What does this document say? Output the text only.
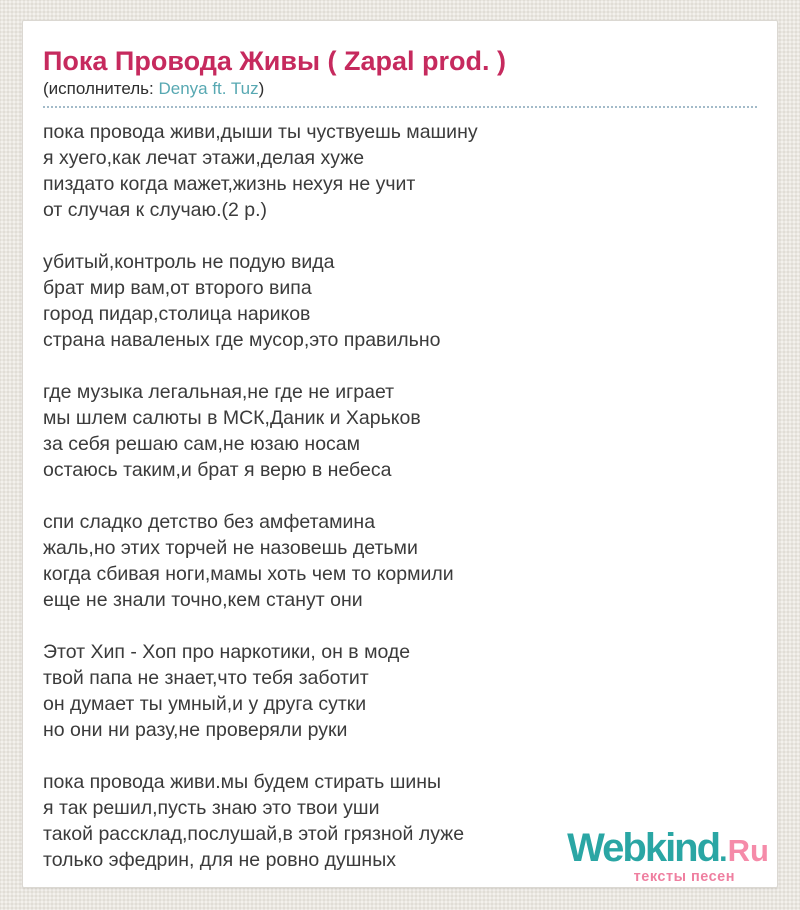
Пока Провода Живы ( Zapal prod. )
(исполнитель: Denya ft. Tuz)

пока провода живи,дыши ты чуствуешь машину
я хуего,как лечат этажи,делая хуже
пиздато когда мажет,жизнь нехуя не учит
от случая к случаю.(2 р.)

убитый,контроль не подую вида
брат мир вам,от второго випа
город пидар,столица нариков
страна наваленых где мусор,это правильно

где музыка легальная,не где не играет
мы шлем салюты в МСК,Даник и Харьков
за себя решаю сам,не юзаю носам
остаюсь таким,и брат я верю в небеса

спи сладко детство без амфетамина
жаль,но этих торчей не назовешь детьми
когда сбивая ноги,мамы хоть чем то кормили
еще не знали точно,кем станут они

Этот Хип - Хоп про наркотики, он в моде
твой папа не знает,что тебя заботит
он думает ты умный,и у друга сутки
но они ни разу,не проверяли руки

пока провода живи.мы будем стирать шины
я так решил,пусть знаю это твои уши
такой рассклад,послушай,в этой грязной луже
только эфедрин, для не ровно душных	Webkind.Ru
тексты песен
